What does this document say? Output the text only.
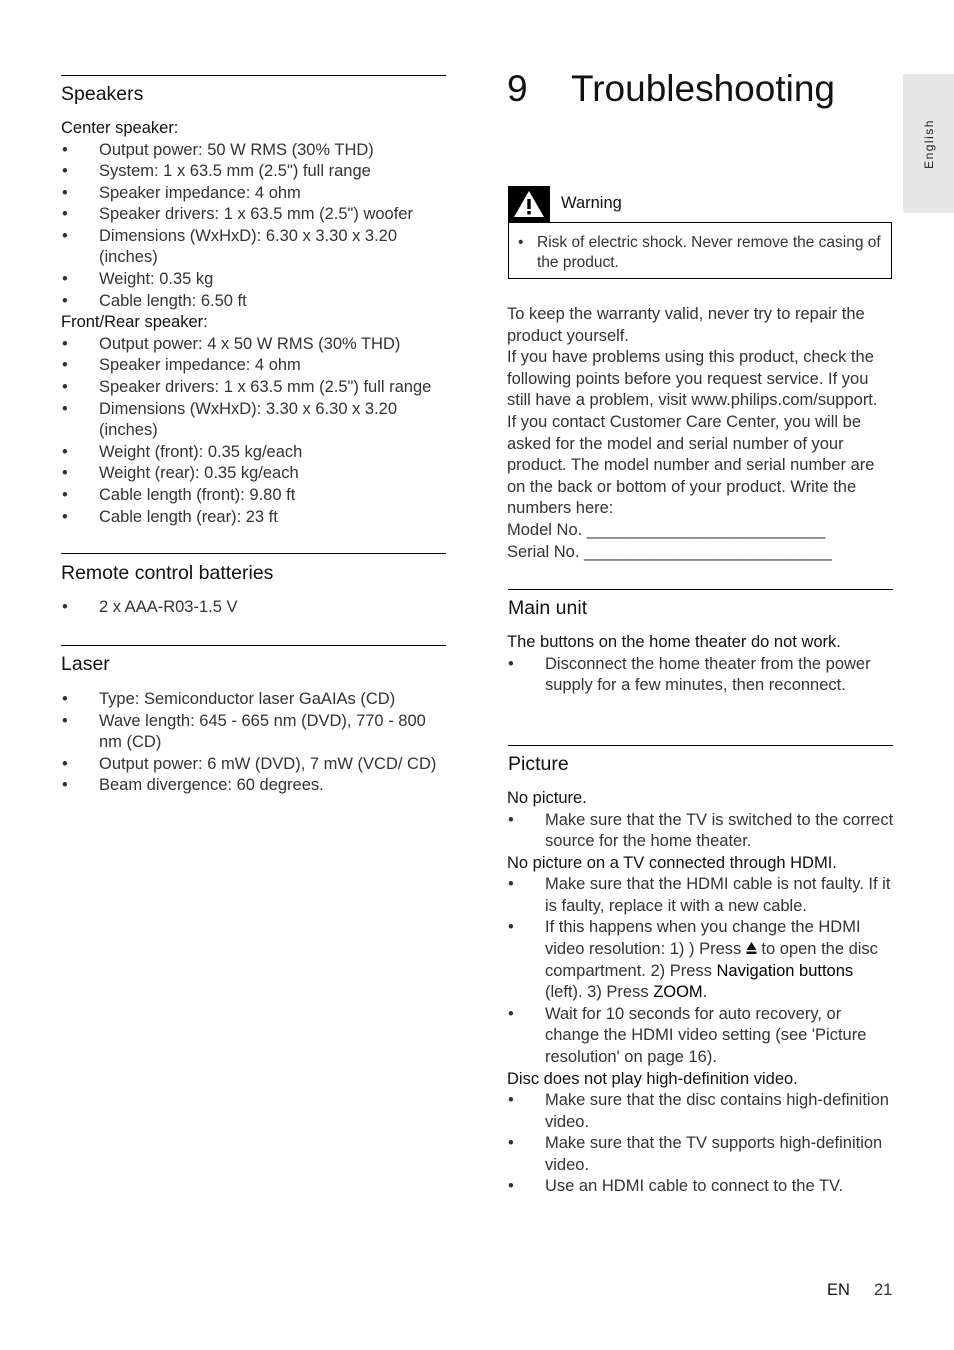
Speakers

Center speaker:

• Output power: 50 W RMS (30% THD)
• System: 1 x 63.5 mm (2.5") full range
• Speaker impedance: 4 ohm
• Speaker drivers: 1 x 63.5 mm (2.5") woofer
• Dimensions (WxHxD): 6.30 x 3.30 x 3.20 (inches)
• Weight: 0.35 kg
• Cable length: 6.50 ft

Front/Rear speaker:

• Output power: 4 x 50 W RMS (30% THD)
• Speaker impedance: 4 ohm
• Speaker drivers: 1 x 63.5 mm (2.5") full range
• Dimensions (WxHxD): 3.30 x 6.30 x 3.20 (inches)
• Weight (front): 0.35 kg/each
• Weight (rear): 0.35 kg/each
• Cable length (front): 9.80 ft
• Cable length (rear): 23 ft
Remote control batteries
• 2 x AAA-R03-1.5 V
Laser
• Type: Semiconductor laser GaAIAs (CD)
• Wave length: 645 - 665 nm (DVD), 770 - 800 nm (CD)
• Output power: 6 mW (DVD), 7 mW (VCD/ CD)
• Beam divergence: 60 degrees.
9 Troubleshooting
Warning
• Risk of electric shock. Never remove the casing of the product.

To keep the warranty valid, never try to repair the product yourself.

If you have problems using this product, check the following points before you request service. If you still have a problem, visit www.philips.com/support.

If you contact Customer Care Center, you will be asked for the model and serial number of your product. The model number and serial number are on the back or bottom of your product. Write the numbers here:

Model No. __________________________

Serial No. ___________________________

Main unit

The buttons on the home theater do not work.

• Disconnect the home theater from the power supply for a few minutes, then reconnect.
Picture

No picture.

• Make sure that the TV is switched to the correct source for the home theater.

No picture on a TV connected through HDMI.

• Make sure that the HDMI cable is not faulty. If it is faulty, replace it with a new cable.
• If this happens when you change the HDMI video resolution: 1) ) Press  to open the disc compartment. 2) Press Navigation buttons (left). 3) Press ZOOM.
• Wait for 10 seconds for auto recovery, or change the HDMI video setting (see 'Picture resolution' on page 16).

Disc does not play high-definition video.

• Make sure that the disc contains high-definition video.
• Make sure that the TV supports high-definition video.
• Use an HDMI cable to connect to the TV.
English
EN 21
